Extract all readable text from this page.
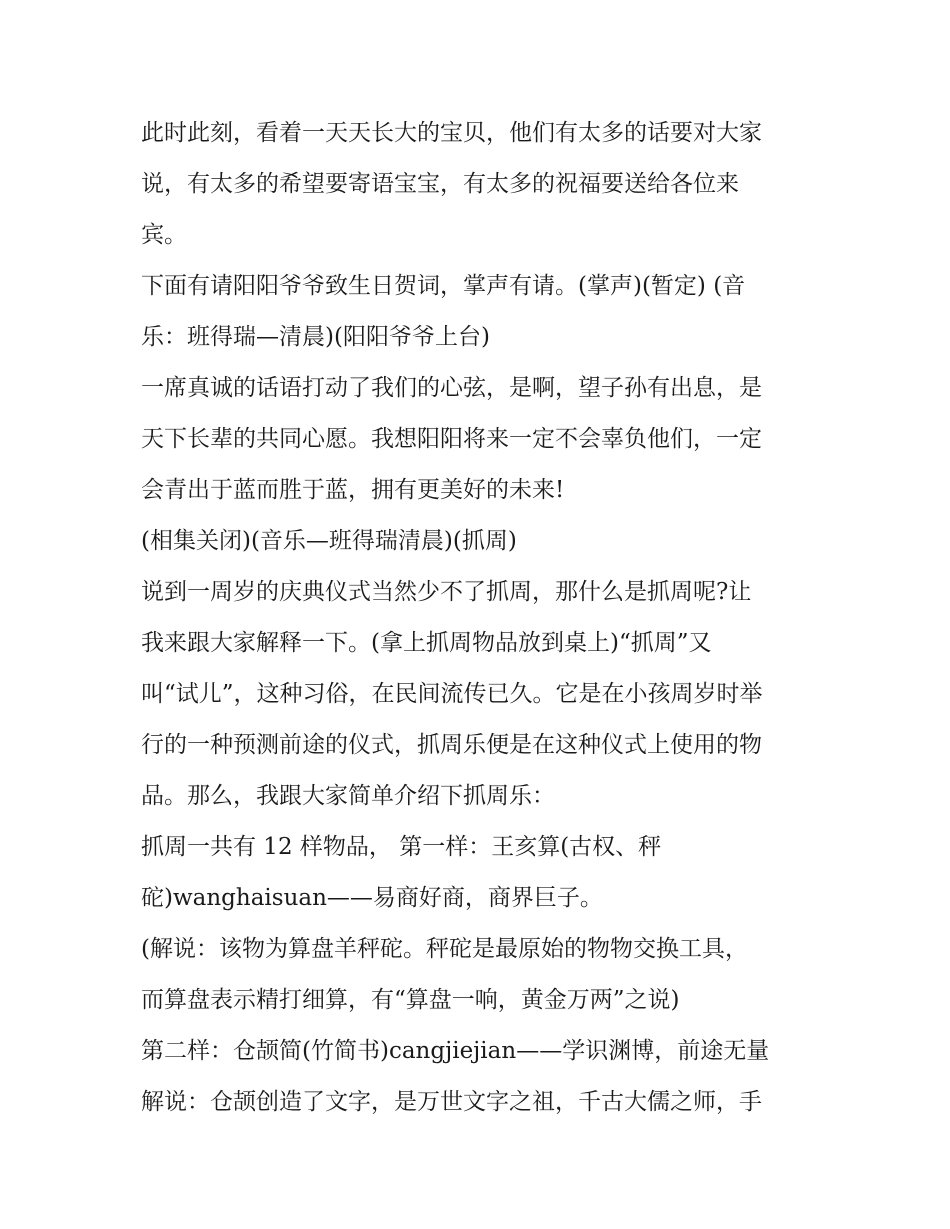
此时此刻，看着一天天长大的宝贝，他们有太多的话要对大家
说，有太多的希望要寄语宝宝，有太多的祝福要送给各位来
宾。
下面有请阳阳爷爷致生日贺词，掌声有请。(掌声)(暂定) (音
乐：班得瑞—清晨)(阳阳爷爷上台)
一席真诚的话语打动了我们的心弦，是啊，望子孙有出息，是
天下长辈的共同心愿。我想阳阳将来一定不会辜负他们，一定
会青出于蓝而胜于蓝，拥有更美好的未来!
(相集关闭)(音乐—班得瑞清晨)(抓周)
说到一周岁的庆典仪式当然少不了抓周，那什么是抓周呢?让
我来跟大家解释一下。(拿上抓周物品放到桌上)“抓周”又
叫“试儿”，这种习俗，在民间流传已久。它是在小孩周岁时举
行的一种预测前途的仪式，抓周乐便是在这种仪式上使用的物
品。那么，我跟大家简单介绍下抓周乐：
抓周一共有 12 样物品， 第一样：王亥算(古权、秤
砣)wanghaisuan——易商好商，商界巨子。
(解说：该物为算盘羊秤砣。秤砣是最原始的物物交换工具，
而算盘表示精打细算，有“算盘一响，黄金万两”之说)
第二样：仓颉简(竹简书)cangjiejian——学识渊博，前途无量
解说：仓颉创造了文字，是万世文字之祖，千古大儒之师，手
